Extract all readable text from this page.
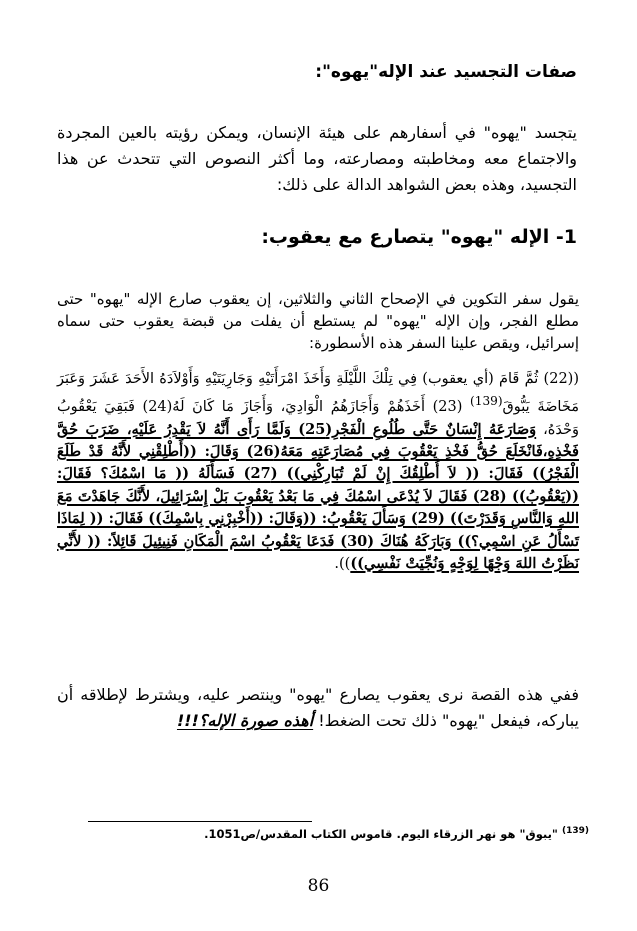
صفات التجسيد عند الإله"يهوه":

يتجسد "يهوه" في أسفارهم على هيئة الإنسان، ويمكن رؤيته بالعين المجردة والاجتماع معه ومخاطبته ومصارعته، وما أكثر النصوص التي تتحدث عن هذا التجسيد، وهذه بعض الشواهد الدالة على ذلك:

1- الإله "يهوه" يتصارع مع يعقوب:

يقول سفر التكوين في الإصحاح الثاني والثلاثين، إن يعقوب صارع الإله "يهوه" حتى مطلع الفجر، وإن الإله "يهوه" لم يستطع أن يفلت من قبضة يعقوب حتى سماه إسرائيل، ويقص علينا السفر هذه الأسطورة:

((22) ثُمَّ قَامَ (أي يعقوب) فِي تِلْكَ اللَّيْلَةِ وَأَخَذَ امْرَأَتَيْهِ وَجَارِيَتَيْهِ وَأَوْلاَدَهُ الأَحَدَ عَشَرَ وَعَبَرَ مَخَاضَةَ يَبُّوقَ$^{(139)}$ (23) أَخَذَهُمْ وَأَجَازَهُمُ الْوَادِيَ، وَأَجَازَ مَا كَانَ لَهُ(24) فَبَقِيَ يَعْقُوبُ وَحْدَهُ، وَصَارَعَهُ إِنْسَانٌ حَتَّى طُلُوعِ الْفَجْرِ(25) وَلَمَّا رَأَى أَنَّهُ لاَ يَقْدِرُ عَلَيْهِ، ضَرَبَ حُقَّ فَخْذِهِ،فَانْخَلَعَ حُقُّ فَخْذِ يَعْقُوبَ فِي مُصَارَعَتِهِ مَعَهُ(26) وَقَالَ: ((أَطْلِقْنِي لأَنَّهُ قَدْ طَلَعَ الْفَجْرُ)) فَقَالَ: (( لاَ أُطْلِقُكَ إِنْ لَمْ تُبَارِكْنِي)) (27) فَسَأَلَهُ (( مَا اسْمُكَ؟ فَقَالَ: ((يَعْقُوبُ)) (28) فَقَالَ لاَ يُدْعَى اسْمُكَ فِي مَا بَعْدُ يَعْقُوبَ بَلْ إِسْرَائِيلَ، لأَنَّكَ جَاهَدْتَ مَعَ اللهِ وَالنَّاسِ وَقَدَرْتَ)) (29) وَسَأَلَ يَعْقُوبُ: ((وَقَالَ: ((أَخْبِرْنِي بِاسْمِكَ)) فَقَالَ: (( لِمَاذَا تَسْأَلُ عَنِ اسْمِي؟)) وَبَارَكَهُ هُنَاكَ (30) فَدَعَا يَعْقُوبُ اسْمَ الْمَكَانِ فَنِيئِيلَ قَائِلاً: (( لأَنِّي نَظَرْتُ اللهَ وَجْهًا لِوَجْهٍ وَنُجِّيَتْ نَفْسِي)))).

ففي هذه القصة نرى يعقوب يصارع "يهوه" وينتصر عليه، ويشترط لإطلاقه أن يباركه، فيفعل "يهوه" ذلك تحت الضغط! أهذه صورة الإله؟!!!

$^{(139)}$ "يبوق" هو نهر الزرقاء اليوم. قاموس الكتاب المقدس/ص1051.
86
